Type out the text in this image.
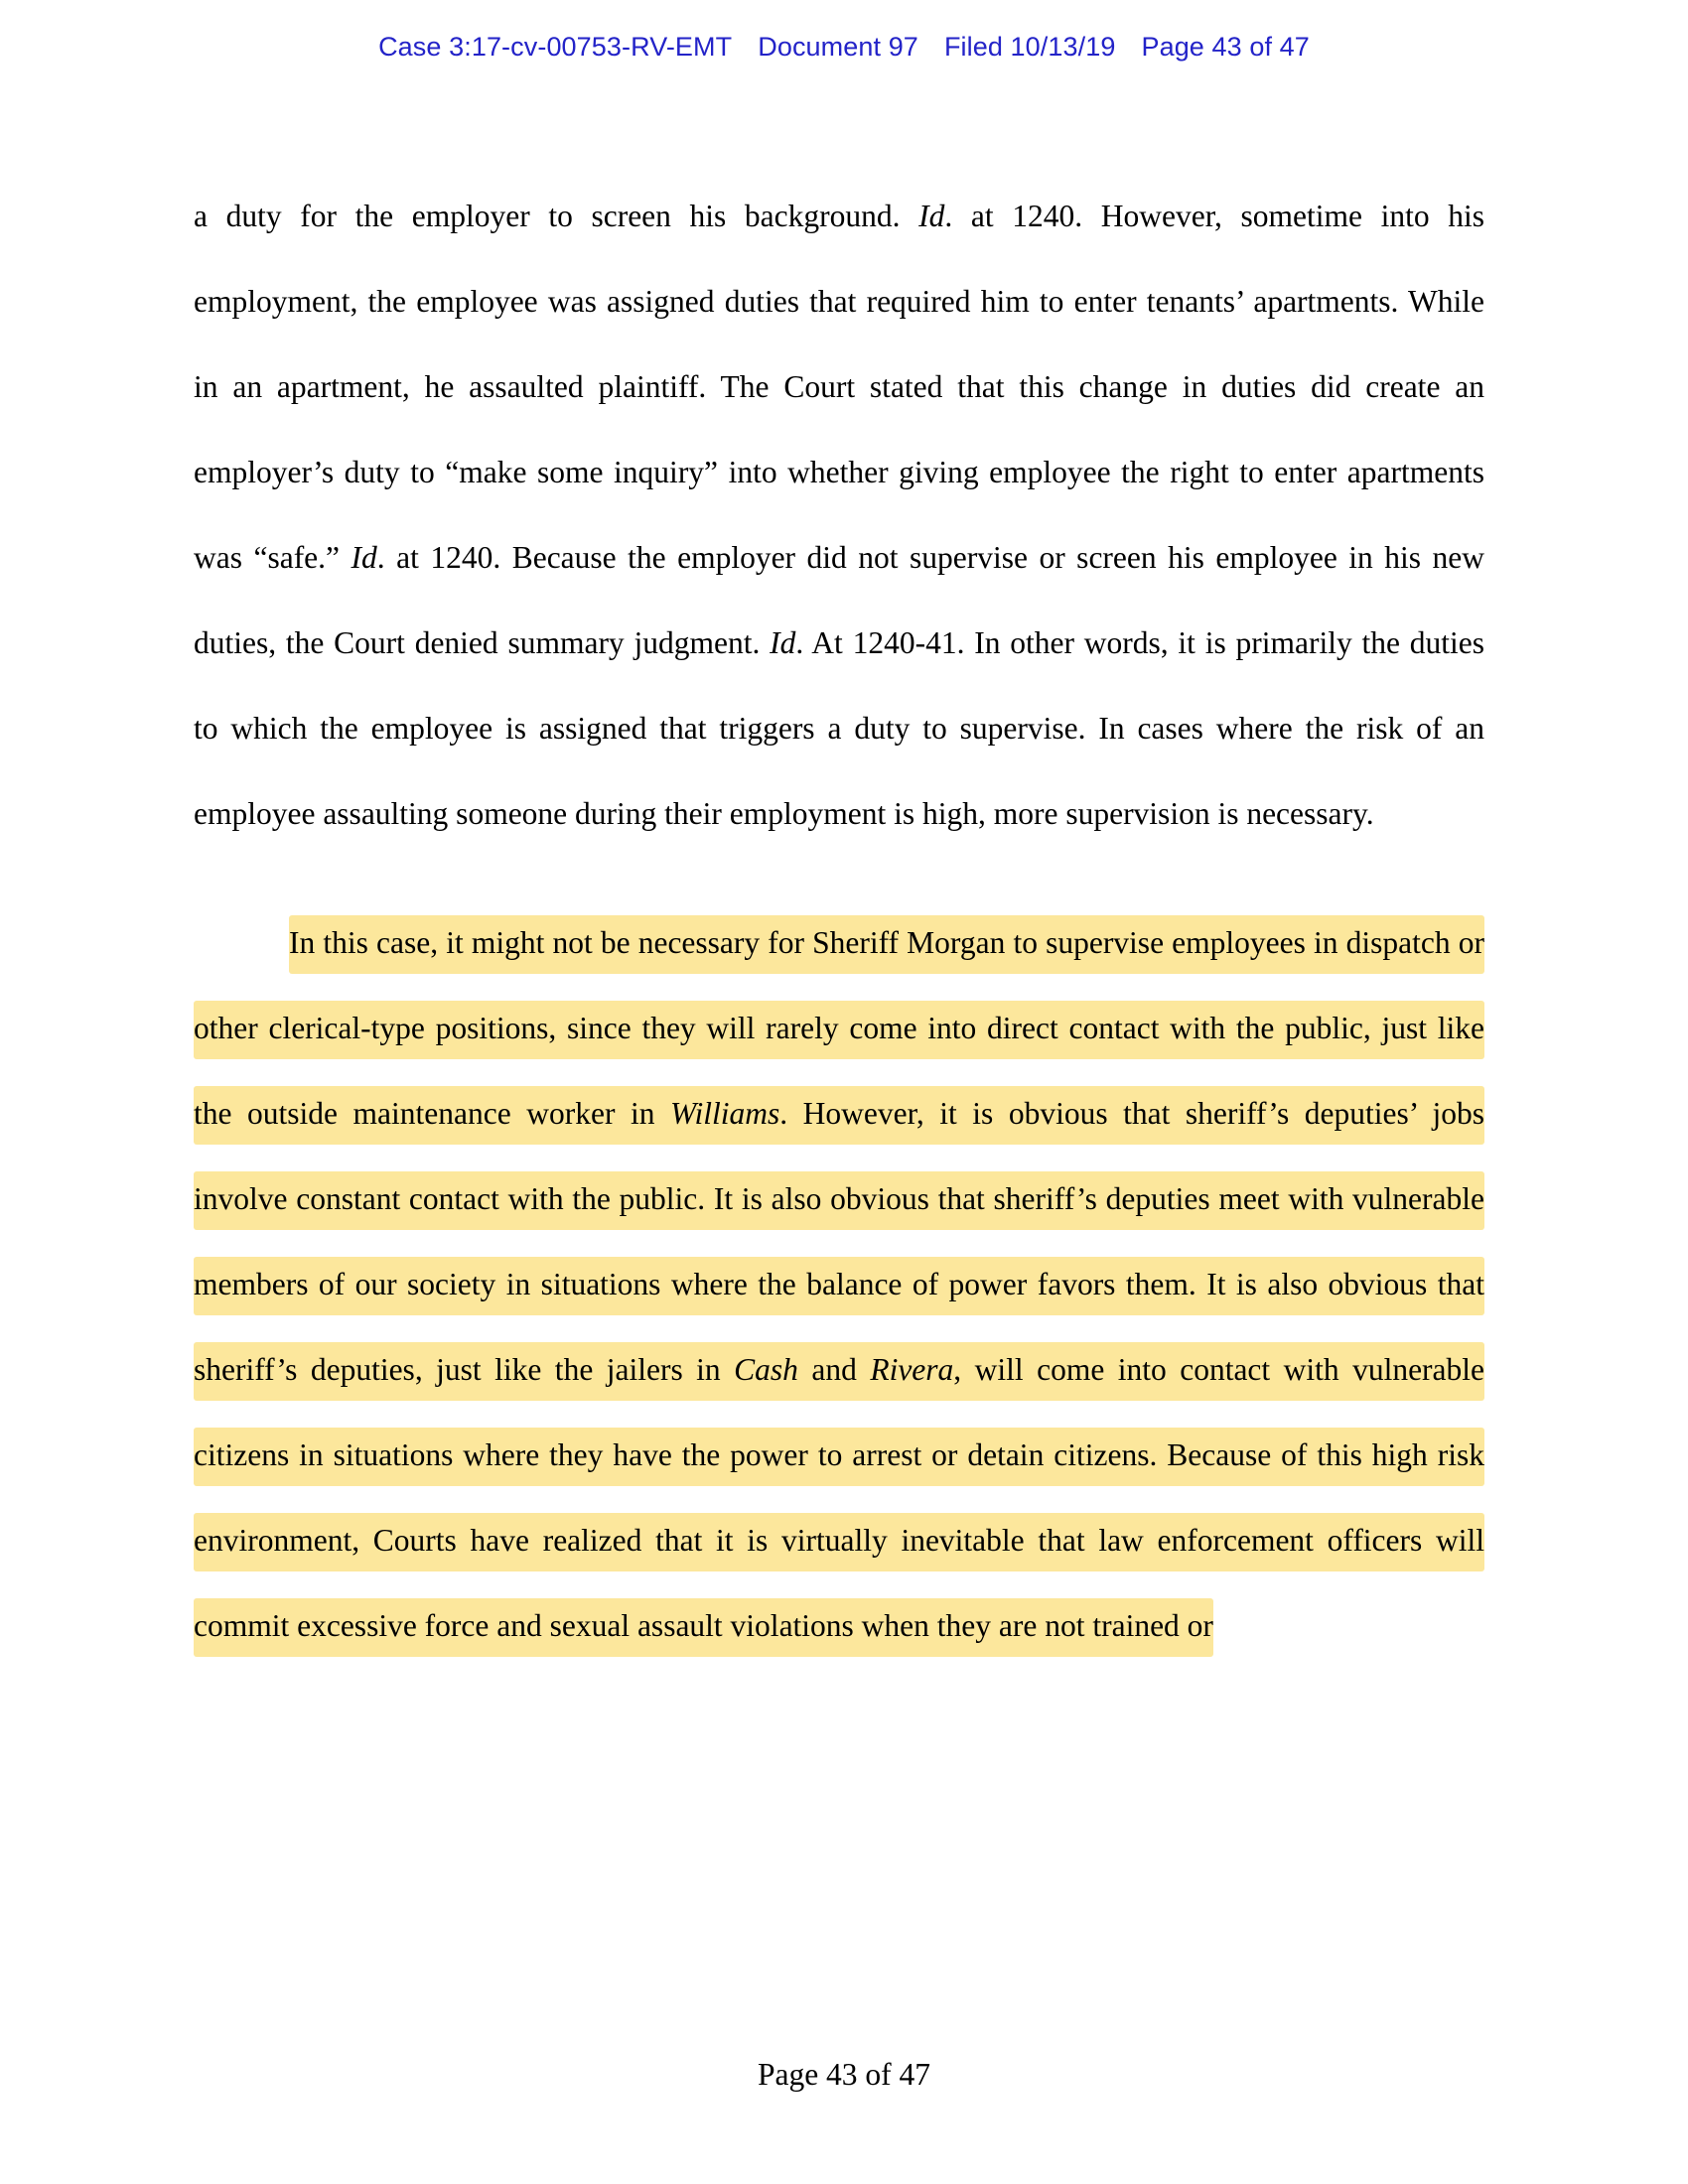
Case 3:17-cv-00753-RV-EMT Document 97 Filed 10/13/19 Page 43 of 47

a duty for the employer to screen his background. Id. at 1240. However, sometime into his employment, the employee was assigned duties that required him to enter tenants’ apartments. While in an apartment, he assaulted plaintiff. The Court stated that this change in duties did create an employer’s duty to “make some inquiry” into whether giving employee the right to enter apartments was “safe.” Id. at 1240. Because the employer did not supervise or screen his employee in his new duties, the Court denied summary judgment. Id. At 1240-41. In other words, it is primarily the duties to which the employee is assigned that triggers a duty to supervise. In cases where the risk of an employee assaulting someone during their employment is high, more supervision is necessary.

In this case, it might not be necessary for Sheriff Morgan to supervise employees in dispatch or other clerical-type positions, since they will rarely come into direct contact with the public, just like the outside maintenance worker in Williams. However, it is obvious that sheriff’s deputies’ jobs involve constant contact with the public. It is also obvious that sheriff’s deputies meet with vulnerable members of our society in situations where the balance of power favors them. It is also obvious that sheriff’s deputies, just like the jailers in Cash and Rivera, will come into contact with vulnerable citizens in situations where they have the power to arrest or detain citizens. Because of this high risk environment, Courts have realized that it is virtually inevitable that law enforcement officers will commit excessive force and sexual assault violations when they are not trained or

Page 43 of 47
